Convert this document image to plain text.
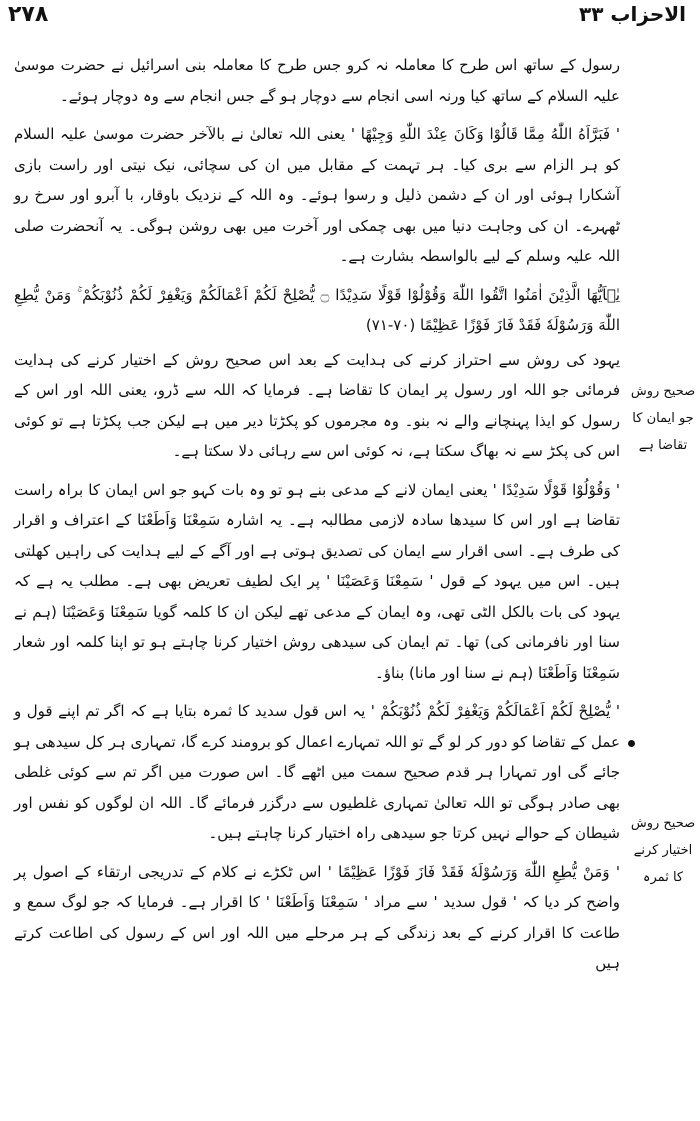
۲۷۸	الاحزاب ۳۳

رسول کے ساتھ اس طرح کا معاملہ نہ کرو جس طرح کا معاملہ بنی اسرائیل نے حضرت موسیٰ علیہ السلام کے ساتھ کیا ورنہ اسی انجام سے دوچار ہو گے جس انجام سے وہ دوچار ہوئے۔

' فَبَرَّاَهُ اللّٰهُ مِمَّا قَالُوْا وَكَانَ عِنْدَ اللّٰهِ وَجِیْهًا ' یعنی اللہ تعالیٰ نے بالآخر حضرت موسیٰ علیہ السلام کو ہر الزام سے بری کیا۔ ہر تہمت کے مقابل میں ان کی سچائی، نیک نیتی اور راست بازی آشکارا ہوئی اور ان کے دشمن ذلیل و رسوا ہوئے۔ وہ اللہ کے نزدیک باوقار، با آبرو اور سرخ رو ٹھہرے۔ ان کی وجاہت دنیا میں بھی چمکی اور آخرت میں بھی روشن ہوگی۔ یہ آنحضرت صلی اللہ علیہ وسلم کے لیے بالواسطہ بشارت ہے۔

یٰۤاَیُّهَا الَّذِیْنَ اٰمَنُوا اتَّقُوا اللّٰهَ وَقُوْلُوْا قَوْلًا سَدِیْدًا ۝ یُّصْلِحْ لَكُمْ اَعْمَالَكُمْ وَیَغْفِرْ لَكُمْ ذُنُوْبَكُمْ ۚ وَمَنْ یُّطِعِ اللّٰهَ وَرَسُوْلَهٗ فَقَدْ فَازَ فَوْزًا عَظِیْمًا (۷۰-۷۱)

یہود کی روش سے احتراز کرنے کی ہدایت کے بعد اس صحیح روش کے اختیار کرنے کی ہدایت فرمائی جو اللہ اور رسول پر ایمان کا تقاضا ہے۔ فرمایا کہ اللہ سے ڈرو، یعنی اللہ اور اس کے رسول کو ایذا پہنچانے والے نہ بنو۔ وہ مجرموں کو پکڑتا دیر میں ہے لیکن جب پکڑتا ہے تو کوئی اس کی پکڑ سے نہ بھاگ سکتا ہے، نہ کوئی اس سے رہائی دلا سکتا ہے۔

' وَقُوْلُوْا قَوْلًا سَدِیْدًا ' یعنی ایمان لانے کے مدعی بنے ہو تو وہ بات کہو جو اس ایمان کا براہ راست تقاضا ہے اور اس کا سیدھا سادہ لازمی مطالبہ ہے۔ یہ اشارہ سَمِعْنَا وَاَطَعْنَا کے اعتراف و اقرار کی طرف ہے۔ اسی اقرار سے ایمان کی تصدیق ہوتی ہے اور آگے کے لیے ہدایت کی راہیں کھلتی ہیں۔ اس میں یہود کے قول ' سَمِعْنَا وَعَصَیْنَا ' پر ایک لطیف تعریض بھی ہے۔ مطلب یہ ہے کہ یہود کی بات بالکل الٹی تھی، وہ ایمان کے مدعی تھے لیکن ان کا کلمہ گویا سَمِعْنَا وَعَصَیْنَا (ہم نے سنا اور نافرمانی کی) تھا۔ تم ایمان کی سیدھی روش اختیار کرنا چاہتے ہو تو اپنا کلمہ اور شعار سَمِعْنَا وَاَطَعْنَا (ہم نے سنا اور مانا) بناؤ۔

' یُّصْلِحْ لَكُمْ اَعْمَالَكُمْ وَیَغْفِرْ لَكُمْ ذُنُوْبَكُمْ ' یہ اس قول سدید کا ثمرہ بتایا ہے کہ اگر تم اپنے قول و عمل کے تقاضا کو دور کر لو گے تو اللہ تمہارے اعمال کو برومند کرے گا، تمہاری ہر کل سیدھی ہو جائے گی اور تمہارا ہر قدم صحیح سمت میں اٹھے گا۔ اس صورت میں اگر تم سے کوئی غلطی بھی صادر ہوگی تو اللہ تعالیٰ تمہاری غلطیوں سے درگزر فرمائے گا۔ اللہ ان لوگوں کو نفس اور شیطان کے حوالے نہیں کرتا جو سیدھی راہ اختیار کرنا چاہتے ہیں۔

' وَمَنْ یُّطِعِ اللّٰهَ وَرَسُوْلَهٗ فَقَدْ فَازَ فَوْزًا عَظِیْمًا ' اس ٹکڑے نے کلام کے تدریجی ارتقاء کے اصول پر واضح کر دیا کہ ' قول سدید ' سے مراد ' سَمِعْنَا وَاَطَعْنَا ' کا اقرار ہے۔ فرمایا کہ جو لوگ سمع و طاعت کا اقرار کرنے کے بعد زندگی کے ہر مرحلے میں اللہ اور اس کے رسول کی اطاعت کرتے ہیں

صحیح روش جو ایمان کا تقاضا ہے
صحیح روش اختیار کرنے کا ثمرہ
